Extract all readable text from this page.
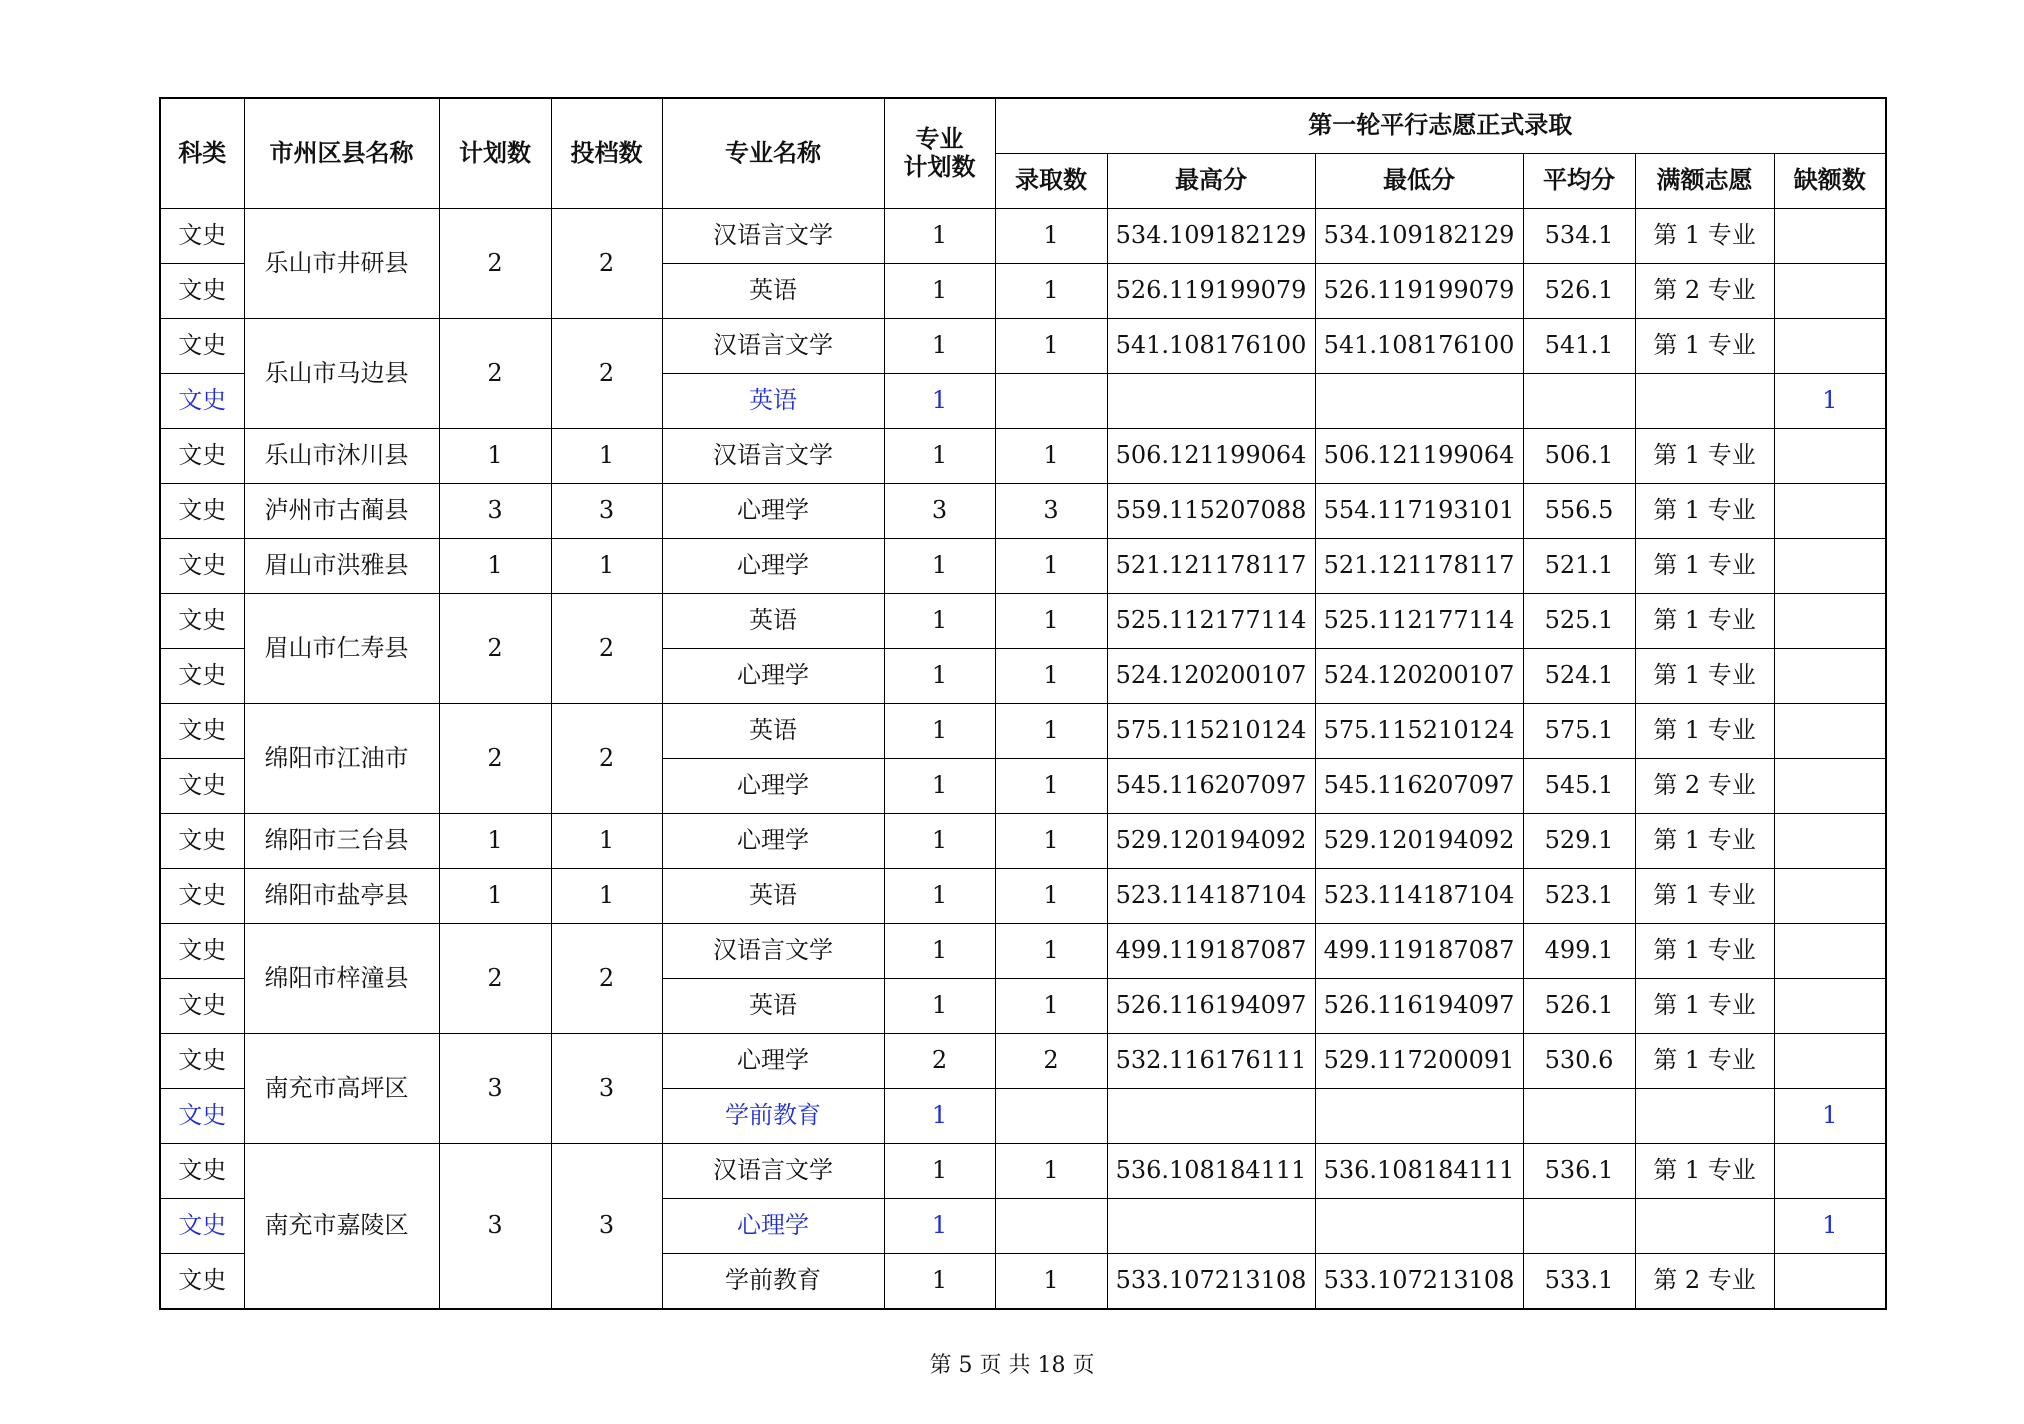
科类	市州区县名称	计划数	投档数	专业名称	专业
计划数	第一轮平行志愿正式录取					
						录取数	最高分	最低分	平均分	满额志愿	缺额数
文史	乐山市井研县	2	2	汉语言文学	1	1	534.109182129	534.109182129	534.1	第 1 专业	
文史				英语	1	1	526.119199079	526.119199079	526.1	第 2 专业	
文史	乐山市马边县	2	2	汉语言文学	1	1	541.108176100	541.108176100	541.1	第 1 专业	
文史				英语	1						1
文史	乐山市沐川县	1	1	汉语言文学	1	1	506.121199064	506.121199064	506.1	第 1 专业	
文史	泸州市古蔺县	3	3	心理学	3	3	559.115207088	554.117193101	556.5	第 1 专业	
文史	眉山市洪雅县	1	1	心理学	1	1	521.121178117	521.121178117	521.1	第 1 专业	
文史	眉山市仁寿县	2	2	英语	1	1	525.112177114	525.112177114	525.1	第 1 专业	
文史				心理学	1	1	524.120200107	524.120200107	524.1	第 1 专业	
文史	绵阳市江油市	2	2	英语	1	1	575.115210124	575.115210124	575.1	第 1 专业	
文史				心理学	1	1	545.116207097	545.116207097	545.1	第 2 专业	
文史	绵阳市三台县	1	1	心理学	1	1	529.120194092	529.120194092	529.1	第 1 专业	
文史	绵阳市盐亭县	1	1	英语	1	1	523.114187104	523.114187104	523.1	第 1 专业	
文史	绵阳市梓潼县	2	2	汉语言文学	1	1	499.119187087	499.119187087	499.1	第 1 专业	
文史				英语	1	1	526.116194097	526.116194097	526.1	第 1 专业	
文史	南充市高坪区	3	3	心理学	2	2	532.116176111	529.117200091	530.6	第 1 专业	
文史				学前教育	1						1
文史	南充市嘉陵区	3	3	汉语言文学	1	1	536.108184111	536.108184111	536.1	第 1 专业	
文史				心理学	1						1
文史				学前教育	1	1	533.107213108	533.107213108	533.1	第 2 专业	
第 5 页 共 18 页
